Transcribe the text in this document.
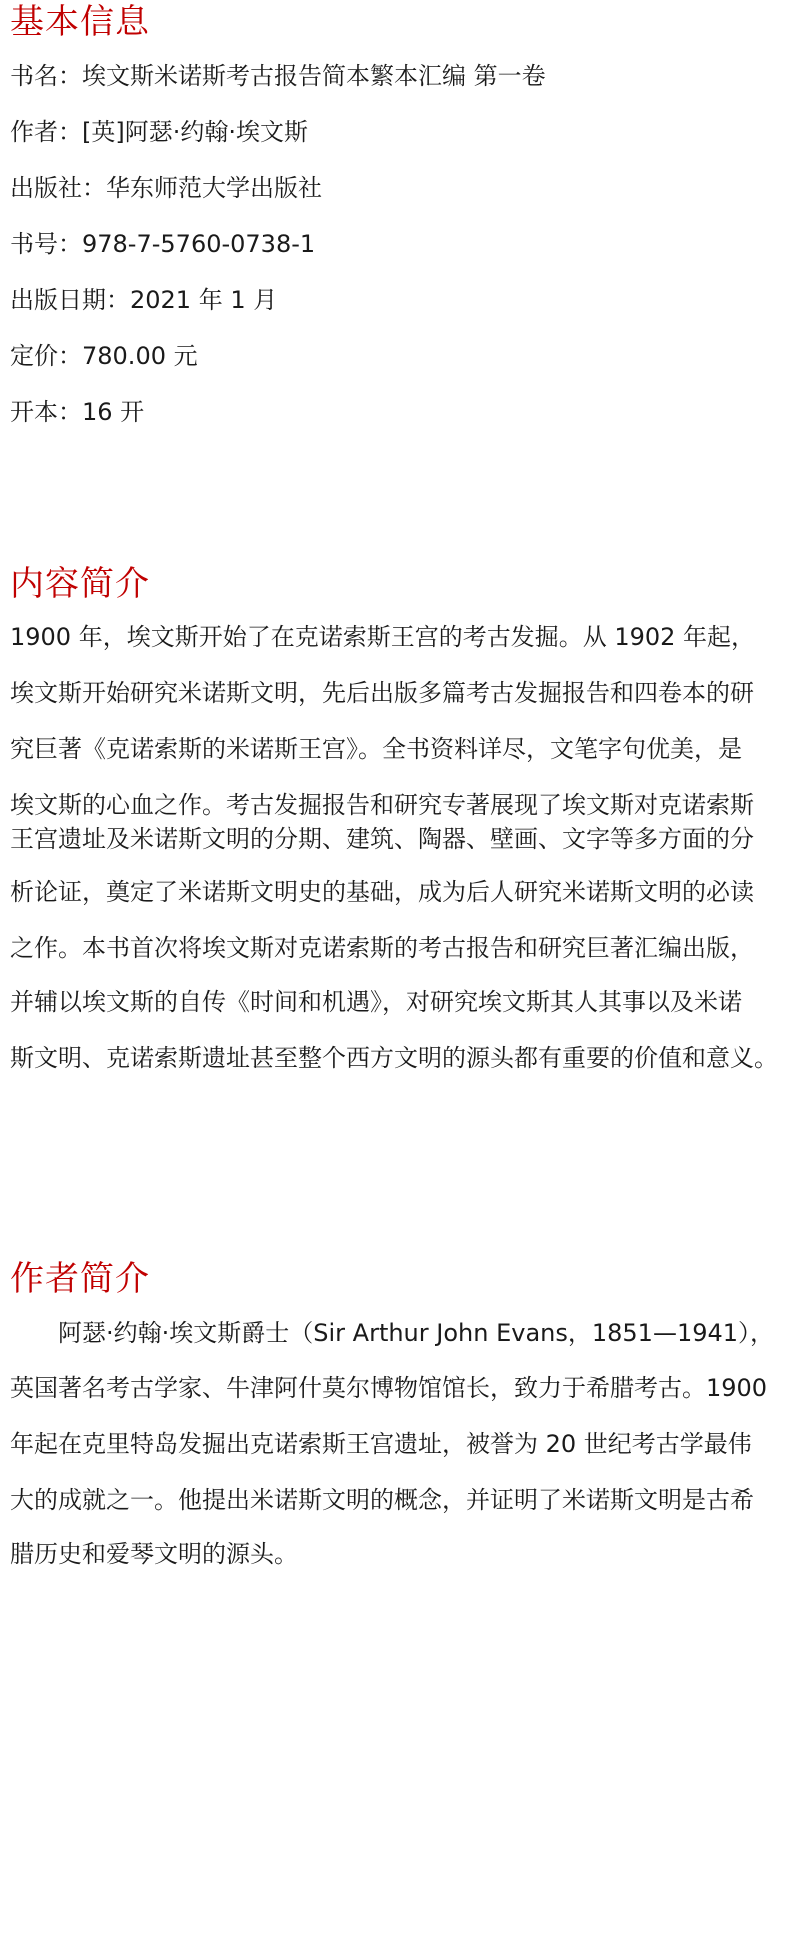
基本信息

书名：埃文斯米诺斯考古报告简本繁本汇编 第一卷

作者：[英]阿瑟·约翰·埃文斯

出版社：华东师范大学出版社

书号：978-7-5760-0738-1

出版日期：2021 年 1 月

定价：780.00 元

开本：16 开

内容简介

1900 年，埃文斯开始了在克诺索斯王宫的考古发掘。从 1902 年起，

埃文斯开始研究米诺斯文明，先后出版多篇考古发掘报告和四卷本的研

究巨著《克诺索斯的米诺斯王宫》。全书资料详尽，文笔字句优美，是

埃文斯的心血之作。考古发掘报告和研究专著展现了埃文斯对克诺索斯

王宫遗址及米诺斯文明的分期、建筑、陶器、壁画、文字等多方面的分

析论证，奠定了米诺斯文明史的基础，成为后人研究米诺斯文明的必读

之作。本书首次将埃文斯对克诺索斯的考古报告和研究巨著汇编出版，

并辅以埃文斯的自传《时间和机遇》，对研究埃文斯其人其事以及米诺

斯文明、克诺索斯遗址甚至整个西方文明的源头都有重要的价值和意义。

作者简介

阿瑟·约翰·埃文斯爵士（Sir Arthur John Evans，1851—1941），

英国著名考古学家、牛津阿什莫尔博物馆馆长，致力于希腊考古。1900

年起在克里特岛发掘出克诺索斯王宫遗址，被誉为 20 世纪考古学最伟

大的成就之一。他提出米诺斯文明的概念，并证明了米诺斯文明是古希

腊历史和爱琴文明的源头。
